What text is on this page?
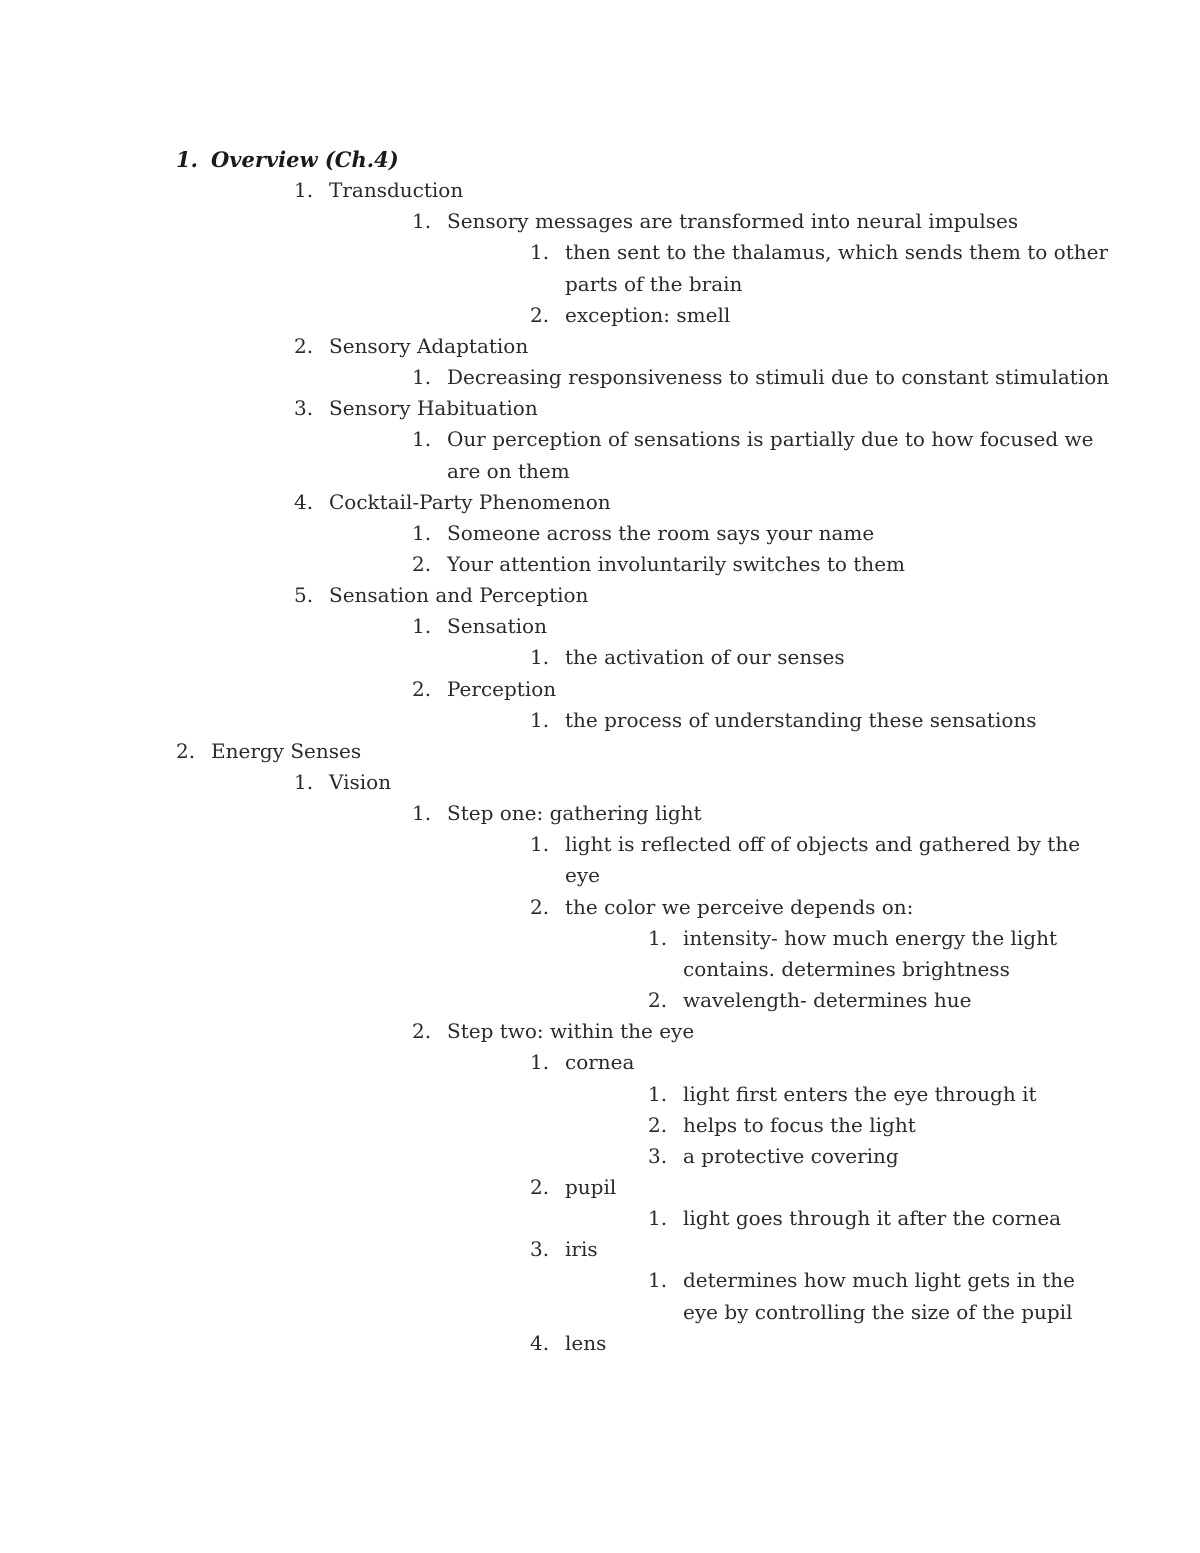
1. Overview (Ch.4)
1. Transduction
1. Sensory messages are transformed into neural impulses
1. then sent to the thalamus, which sends them to other
parts of the brain
2. exception: smell
2. Sensory Adaptation
1. Decreasing responsiveness to stimuli due to constant stimulation
3. Sensory Habituation
1. Our perception of sensations is partially due to how focused we
are on them
4. Cocktail-Party Phenomenon
1. Someone across the room says your name
2. Your attention involuntarily switches to them
5. Sensation and Perception
1. Sensation
1. the activation of our senses
2. Perception
1. the process of understanding these sensations
2. Energy Senses
1. Vision
1. Step one: gathering light
1. light is reflected off of objects and gathered by the
eye
2. the color we perceive depends on:
1. intensity- how much energy the light
contains. determines brightness
2. wavelength- determines hue
2. Step two: within the eye
1. cornea
1. light first enters the eye through it
2. helps to focus the light
3. a protective covering
2. pupil
1. light goes through it after the cornea
3. iris
1. determines how much light gets in the
eye by controlling the size of the pupil
4. lens
